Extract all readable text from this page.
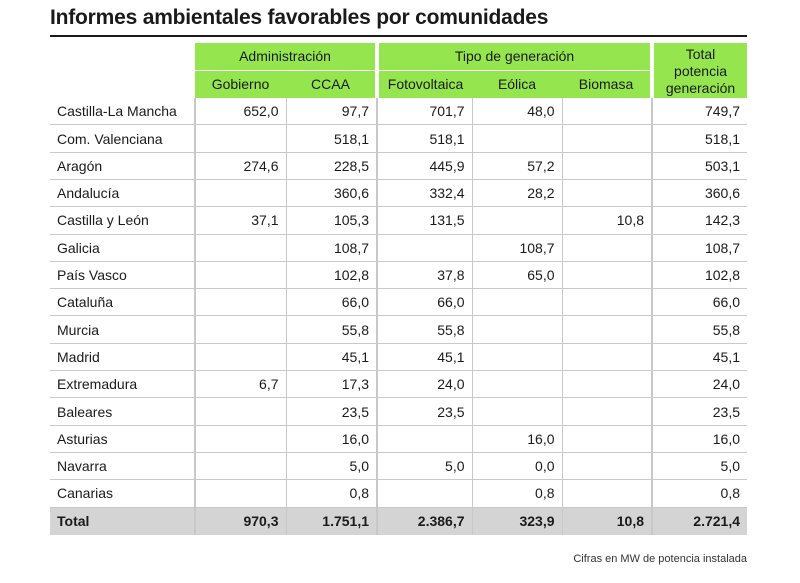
Informes ambientales favorables por comunidades
	Administración		Tipo de generación			Total
potencia
generación

	Gobierno	CCAA	Fotovoltaica	Eólica	Biomasa	
Castilla-La Mancha	652,0	97,7	701,7	48,0		749,7
Com. Valenciana		518,1	518,1			518,1
Aragón	274,6	228,5	445,9	57,2		503,1
Andalucía		360,6	332,4	28,2		360,6
Castilla y León	37,1	105,3	131,5		10,8	142,3
Galicia		108,7		108,7		108,7
País Vasco		102,8	37,8	65,0		102,8
Cataluña		66,0	66,0			66,0
Murcia		55,8	55,8			55,8
Madrid		45,1	45,1			45,1
Extremadura	6,7	17,3	24,0			24,0
Baleares		23,5	23,5			23,5
Asturias		16,0		16,0		16,0
Navarra		5,0	5,0	0,0		5,0
Canarias		0,8		0,8		0,8
Total	970,3	1.751,1	2.386,7	323,9	10,8	2.721,4
Cifras en MW de potencia instalada
